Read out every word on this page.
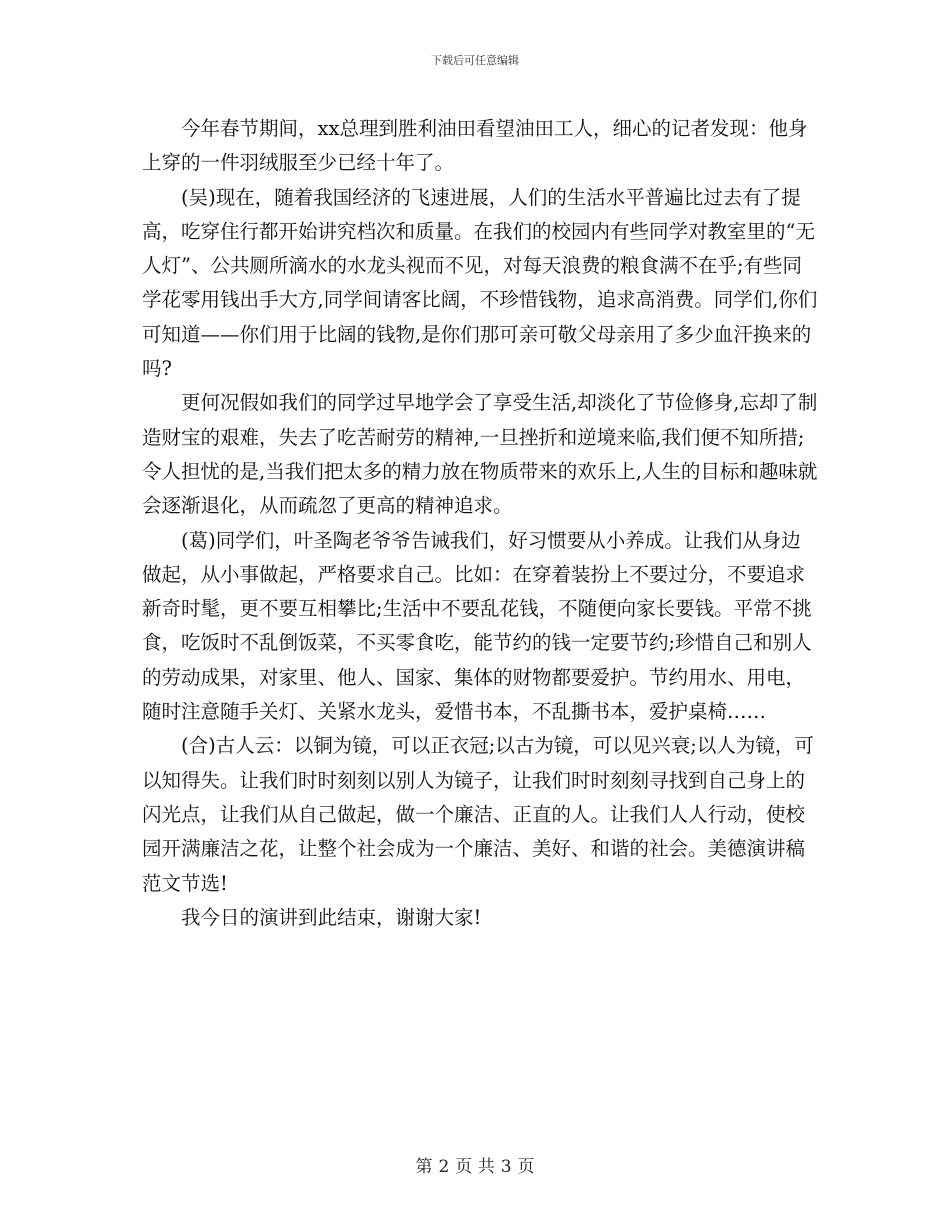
下载后可任意编辑

今年春节期间，xx总理到胜利油田看望油田工人，细心的记者发现：他身上穿的一件羽绒服至少已经十年了。

(吴)现在，随着我国经济的飞速进展，人们的生活水平普遍比过去有了提高，吃穿住行都开始讲究档次和质量。在我们的校园内有些同学对教室里的“无人灯”、公共厕所滴水的水龙头视而不见，对每天浪费的粮食满不在乎;有些同学花零用钱出手大方,同学间请客比阔，不珍惜钱物，追求高消费。同学们,你们可知道——你们用于比阔的钱物,是你们那可亲可敬父母亲用了多少血汗换来的吗?

更何况假如我们的同学过早地学会了享受生活,却淡化了节俭修身,忘却了制造财宝的艰难，失去了吃苦耐劳的精神,一旦挫折和逆境来临,我们便不知所措;令人担忧的是,当我们把太多的精力放在物质带来的欢乐上,人生的目标和趣味就会逐渐退化，从而疏忽了更高的精神追求。

(葛)同学们，叶圣陶老爷爷告诫我们，好习惯要从小养成。让我们从身边做起，从小事做起，严格要求自己。比如：在穿着装扮上不要过分，不要追求新奇时髦，更不要互相攀比;生活中不要乱花钱，不随便向家长要钱。平常不挑食，吃饭时不乱倒饭菜，不买零食吃，能节约的钱一定要节约;珍惜自己和别人的劳动成果，对家里、他人、国家、集体的财物都要爱护。节约用水、用电，随时注意随手关灯、关紧水龙头，爱惜书本，不乱撕书本，爱护桌椅……

(合)古人云：以铜为镜，可以正衣冠;以古为镜，可以见兴衰;以人为镜，可以知得失。让我们时时刻刻以别人为镜子，让我们时时刻刻寻找到自己身上的闪光点，让我们从自己做起，做一个廉洁、正直的人。让我们人人行动，使校园开满廉洁之花，让整个社会成为一个廉洁、美好、和谐的社会。美德演讲稿范文节选!

我今日的演讲到此结束，谢谢大家!

第 2 页 共 3 页
